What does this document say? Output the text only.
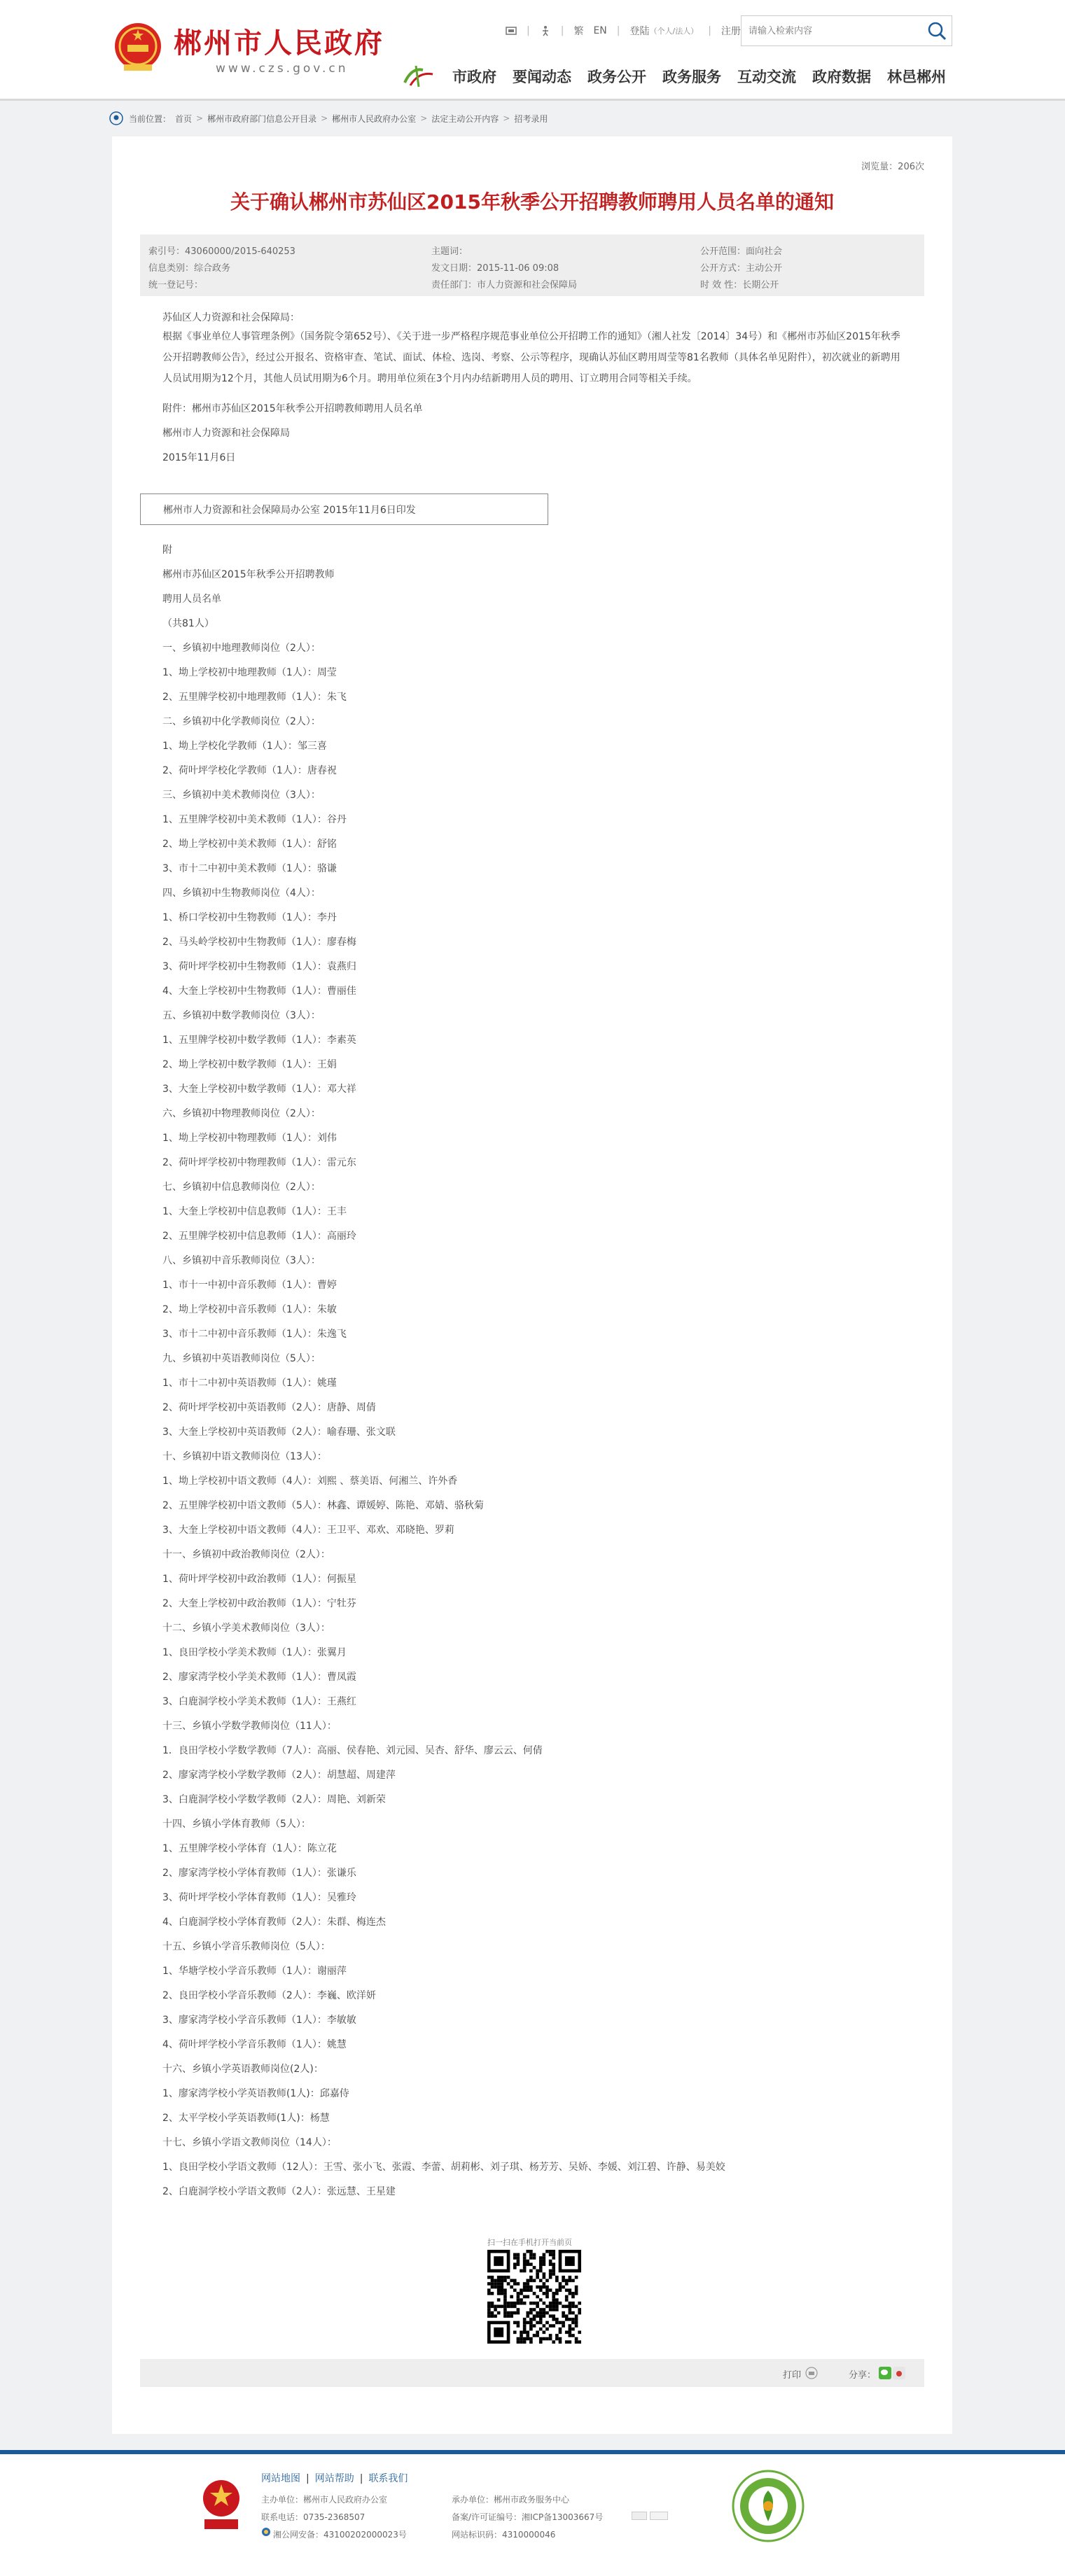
郴州市人民政府
www.czs.gov.cn
|	| 繁 EN | 登陆 （个人/法人） | 注册
请输入检索内容
市政府 要闻动态 政务公开 政务服务 互动交流 政府数据 林邑郴州
当前位置： 首页 > 郴州市政府部门信息公开目录 > 郴州市人民政府办公室 > 法定主动公开内容 > 招考录用
浏览量：206次
关于确认郴州市苏仙区2015年秋季公开招聘教师聘用人员名单的通知
索引号：43060000/2015-640253	主题词：	公开范围：面向社会
信息类别：综合政务	发文日期：2015-11-06 09:08	公开方式：主动公开
统一登记号：	责任部门：市人力资源和社会保障局	时 效 性：长期公开
苏仙区人力资源和社会保障局：
根据《事业单位人事管理条例》（国务院令第652号）、《关于进一步严格程序规范事业单位公开招聘工作的通知》（湘人社发〔2014〕34号）和《郴州市苏仙区2015年秋季公开招聘教师公告》，经过公开报名、资格审查、笔试、面试、体检、选岗、考察、公示等程序，现确认苏仙区聘用周莹等81名教师（具体名单见附件），初次就业的新聘用人员试用期为12个月，其他人员试用期为6个月。聘用单位须在3个月内办结新聘用人员的聘用、订立聘用合同等相关手续。
附件：郴州市苏仙区2015年秋季公开招聘教师聘用人员名单
郴州市人力资源和社会保障局
2015年11月6日
郴州市人力资源和社会保障局办公室 2015年11月6日印发
附
郴州市苏仙区2015年秋季公开招聘教师
聘用人员名单
（共81人）
一、乡镇初中地理教师岗位（2人）：
1、坳上学校初中地理教师（1人）：周莹
2、五里牌学校初中地理教师（1人）：朱飞
二、乡镇初中化学教师岗位（2人）：
1、坳上学校化学教师（1人）：邹三喜
2、荷叶坪学校化学教师（1人）：唐春祝
三、乡镇初中美术教师岗位（3人）：
1、五里牌学校初中美术教师（1人）：谷丹
2、坳上学校初中美术教师（1人）：舒铭
3、市十二中初中美术教师（1人）：骆谦
四、乡镇初中生物教师岗位（4人）：
1、桥口学校初中生物教师（1人）：李丹
2、马头岭学校初中生物教师（1人）：廖春梅
3、荷叶坪学校初中生物教师（1人）：袁燕归
4、大奎上学校初中生物教师（1人）：曹丽佳
五、乡镇初中数学教师岗位（3人）：
1、五里牌学校初中数学教师（1人）：李素英
2、坳上学校初中数学教师（1人）：王娟
3、大奎上学校初中数学教师（1人）：邓大祥
六、乡镇初中物理教师岗位（2人）：
1、坳上学校初中物理教师（1人）：刘伟
2、荷叶坪学校初中物理教师（1人）：雷元东
七、乡镇初中信息教师岗位（2人）：
1、大奎上学校初中信息教师（1人）：王丰
2、五里牌学校初中信息教师（1人）：高丽玲
八、乡镇初中音乐教师岗位（3人）：
1、市十一中初中音乐教师（1人）：曹婷
2、坳上学校初中音乐教师（1人）：朱敏
3、市十二中初中音乐教师（1人）：朱逸飞
九、乡镇初中英语教师岗位（5人）：
1、市十二中初中英语教师（1人）：姚瑾
2、荷叶坪学校初中英语教师（2人）：唐静、周倩
3、大奎上学校初中英语教师（2人）：喻春珊、张文联
十、乡镇初中语文教师岗位（13人）：
1、坳上学校初中语文教师（4人）：刘熙 、蔡美语、何湘兰、许外香
2、五里牌学校初中语文教师（5人）：林鑫、谭媛婷、陈艳、邓婧、骆秋菊
3、大奎上学校初中语文教师（4人）：王卫平、邓欢、邓晓艳、罗莉
十一、乡镇初中政治教师岗位（2人）：
1、荷叶坪学校初中政治教师（1人）：何振星
2、大奎上学校初中政治教师（1人）：宁牡芬
十二、乡镇小学美术教师岗位（3人）：
1、良田学校小学美术教师（1人）：张翼月
2、廖家湾学校小学美术教师（1人）：曹凤霞
3、白鹿洞学校小学美术教师（1人）：王燕红
十三、乡镇小学数学教师岗位（11人）：
1．良田学校小学数学教师（7人）：高丽、侯春艳、刘元园、吴杏、舒华、廖云云、何倩
2、廖家湾学校小学数学教师（2人）：胡慧超、周建萍
3、白鹿洞学校小学数学教师（2人）：周艳、刘新荣
十四、乡镇小学体育教师（5人）：
1、五里牌学校小学体育（1人）：陈立花
2、廖家湾学校小学体育教师（1人）：张谦乐
3、荷叶坪学校小学体育教师（1人）：吴雅玲
4、白鹿洞学校小学体育教师（2人）：朱群、梅连杰
十五、乡镇小学音乐教师岗位（5人）：
1、华塘学校小学音乐教师（1人）：谢丽萍
2、良田学校小学音乐教师（2人）：李巍、欧洋妍
3、廖家湾学校小学音乐教师（1人）：李敏敏
4、荷叶坪学校小学音乐教师（1人）：姚慧
十六、乡镇小学英语教师岗位(2人)：
1、廖家湾学校小学英语教师(1人)：邱嘉侍
2、太平学校小学英语教师(1人)：杨慧
十七、乡镇小学语文教师岗位（14人）：
1、良田学校小学语文教师（12人）：王雪、张小飞、张霞、李蕾、胡莉彬、刘子琪、杨芳芳、吴娇、李媛、刘江碧、许静、易美姣
2、白鹿洞学校小学语文教师（2人）：张远慧、王星建
扫一扫在手机打开当前页
打印	分享：
网站地图 | 网站帮助 | 联系我们
主办单位：郴州市人民政府办公室	承办单位：郴州市政务服务中心
联系电话：0735-2368507	备案/许可证编号：湘ICP备13003667号
湘公网安备：43100202000023号	网站标识码：4310000046
